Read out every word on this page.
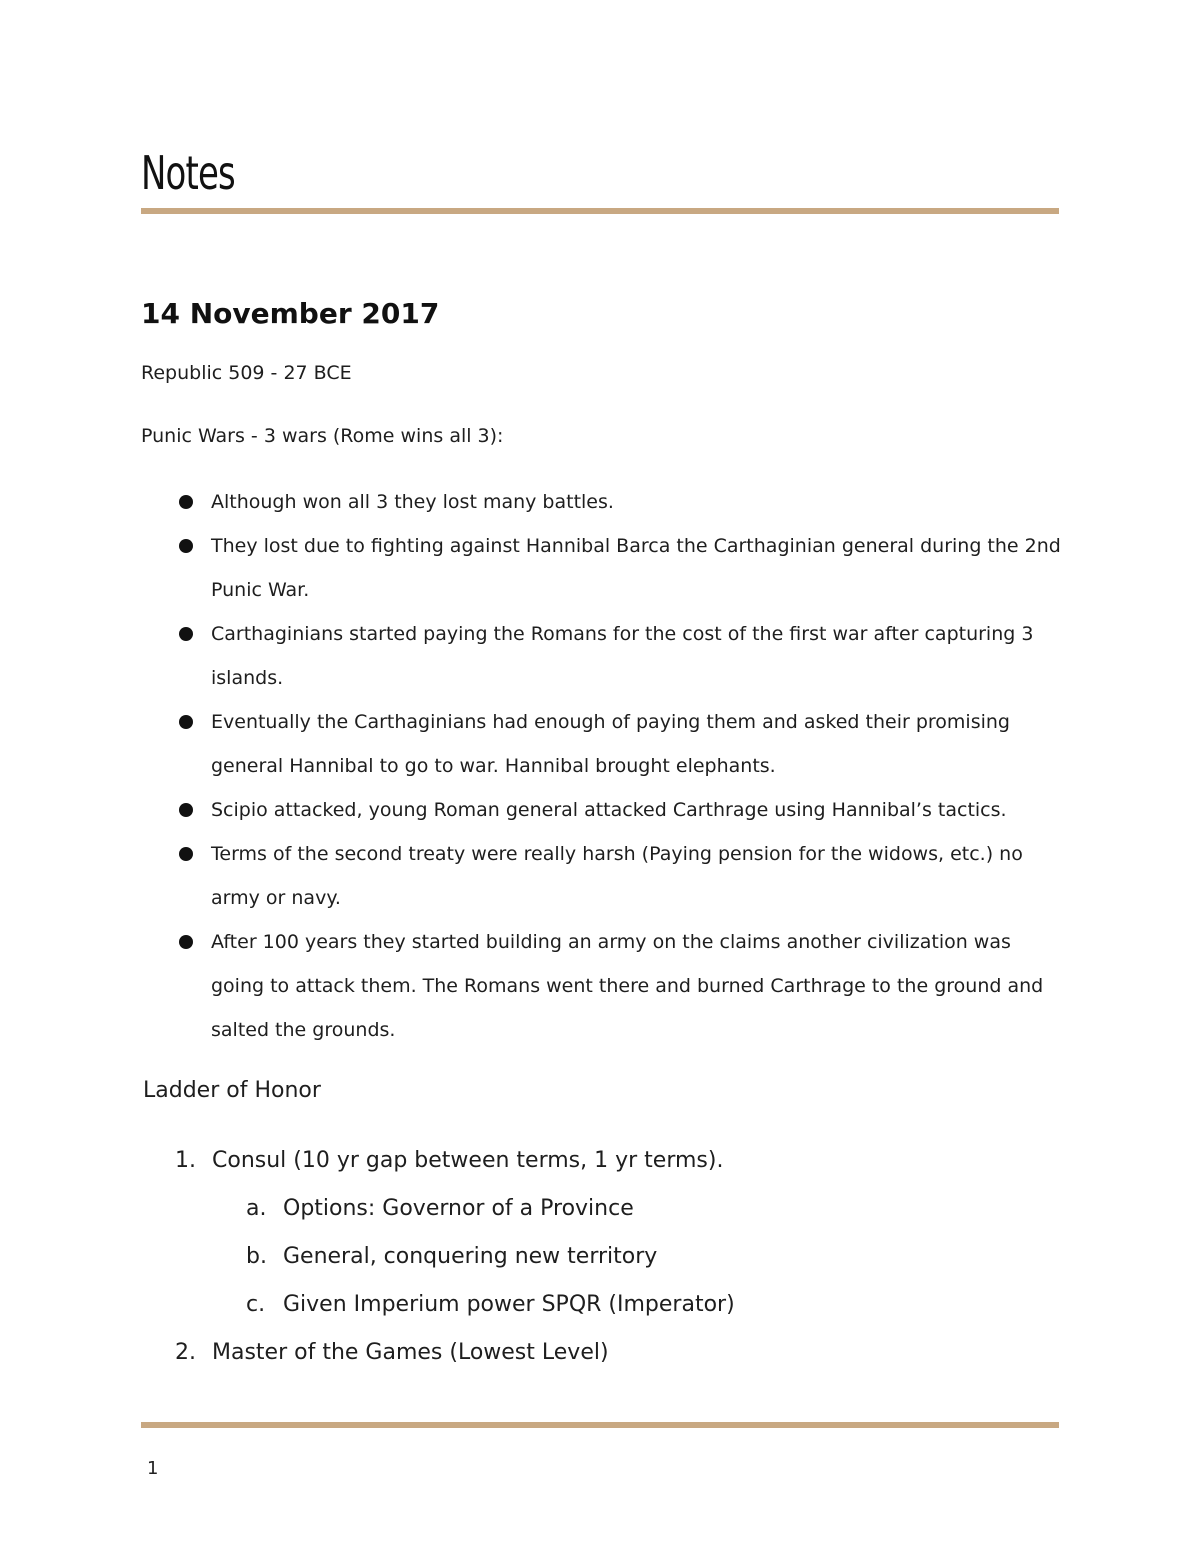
Notes
14 November 2017

Republic 509 - 27 BCE

Punic Wars - 3 wars (Rome wins all 3):

Although won all 3 they lost many battles.
They lost due to fighting against Hannibal Barca the Carthaginian general during the 2nd Punic War.
Carthaginians started paying the Romans for the cost of the first war after capturing 3 islands.
Eventually the Carthaginians had enough of paying them and asked their promising general Hannibal to go to war. Hannibal brought elephants.
Scipio attacked, young Roman general attacked Carthrage using Hannibal’s tactics.
Terms of the second treaty were really harsh (Paying pension for the widows, etc.) no army or navy.
After 100 years they started building an army on the claims another civilization was going to attack them. The Romans went there and burned Carthrage to the ground and salted the grounds.
Ladder of Honor
1. Consul (10 yr gap between terms, 1 yr terms).
a. Options: Governor of a Province
b. General, conquering new territory
c. Given Imperium power SPQR (Imperator)
2. Master of the Games (Lowest Level)

1
